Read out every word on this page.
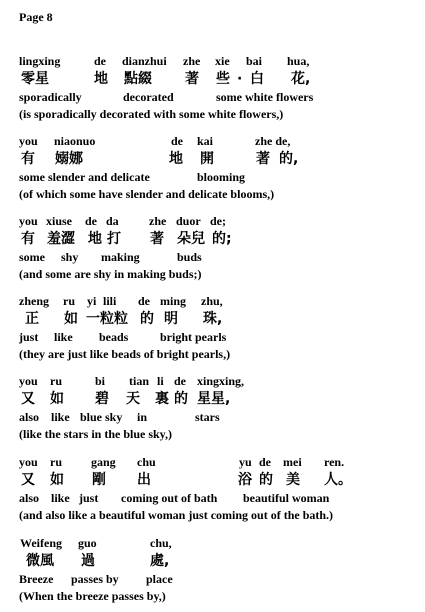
Page 8
lingxing	de dianzhui zhe xie bai hua,
零星	地 點綴 著 些 · 白 花,
sporadically	decorated	some white flowers
(is sporadically decorated with some white flowers,)
you niaonuo	de kai	zhe de,
有 嫋娜	地 開	著 的,
some slender and delicate	blooming
(of which some have slender and delicate blooms,)
you xiuse de da	zhe duor de;
有 羞澀 地 打 著 朵兒 的;
some shy making	buds
(and some are shy in making buds;)
zheng ru yi lili de ming zhu,
正 如 一粒粒 的 明 珠,
just like beads	bright pearls
(they are just like beads of bright pearls,)
you ru	bi tian li de xingxing,
又 如 碧 天 裏 的 星星,
also like blue sky in	stars
(like the stars in the blue sky,)
you ru gang chu	yu de mei ren.
又 如 剛 出	浴 的 美 人。
also like just coming out of bath beautiful woman
(and also like a beautiful woman just coming out of the bath.)
Weifeng guo	chu,
微風 過	處,
Breeze passes by place
(When the breeze passes by,)
